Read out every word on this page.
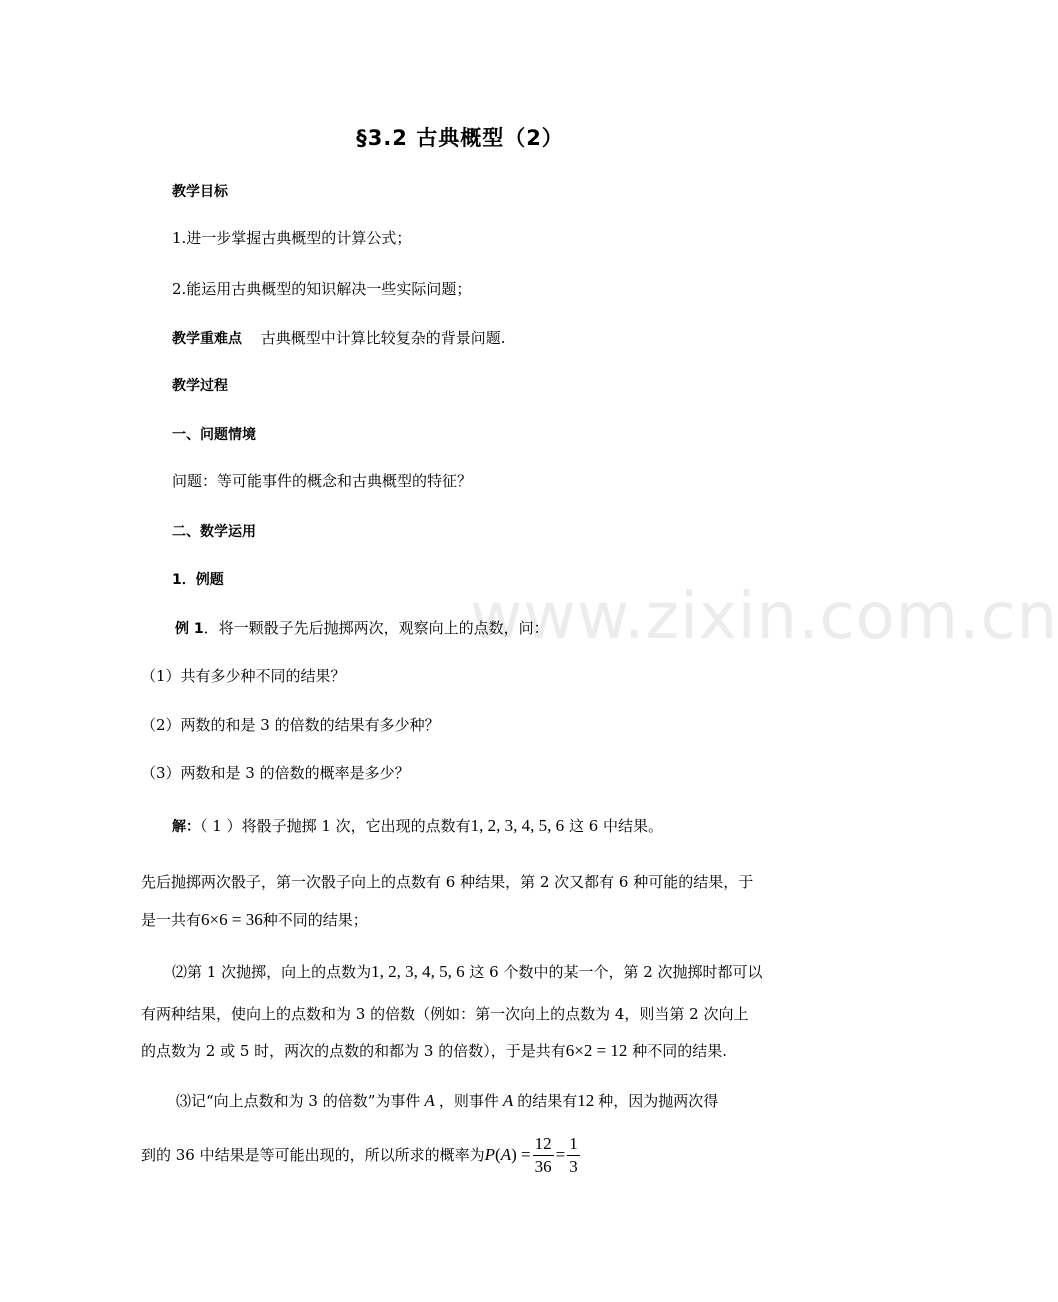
www.zixin.com.cn
§3.2 古典概型（2）
教学目标
1.进一步掌握古典概型的计算公式；
2.能运用古典概型的知识解决一些实际问题；
教学重难点 古典概型中计算比较复杂的背景问题.
教学过程
一、问题情境
问题：等可能事件的概念和古典概型的特征？
二、数学运用
1．例题
例 1．将一颗骰子先后抛掷两次，观察向上的点数，问：
（1）共有多少种不同的结果？
（2）两数的和是 3 的倍数的结果有多少种？
（3）两数和是 3 的倍数的概率是多少？
解：（ 1 ）将骰子抛掷 1 次，它出现的点数有1, 2, 3, 4, 5, 6 这 6 中结果。
先后抛掷两次骰子，第一次骰子向上的点数有 6 种结果，第 2 次又都有 6 种可能的结果，于
是一共有6×6 = 36种不同的结果；
⑵第 1 次抛掷，向上的点数为1, 2, 3, 4, 5, 6 这 6 个数中的某一个，第 2 次抛掷时都可以
有两种结果，使向上的点数和为 3 的倍数（例如：第一次向上的点数为 4，则当第 2 次向上
的点数为 2 或 5 时，两次的点数的和都为 3 的倍数），于是共有6×2 = 12 种不同的结果.
⑶记“向上点数和为 3 的倍数”为事件 A ，则事件 A 的结果有12 种，因为抛两次得
到的 36 中结果是等可能出现的，所以所求的概率为$P(A) = \frac{12}{36} = \frac{1}{3}$
